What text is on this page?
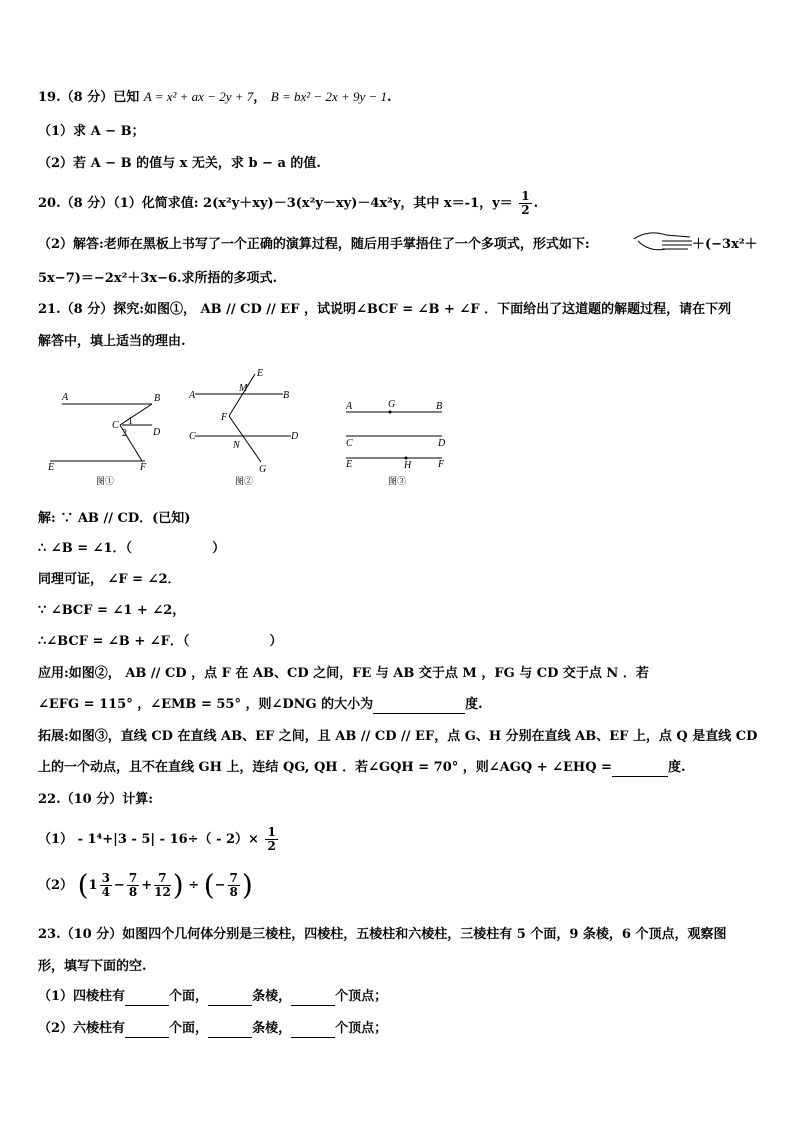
19.（8 分）已知 A = x² + ax − 2y + 7， B = bx² − 2x + 9y − 1.
（1）求 A − B；
（2）若 A − B 的值与 x 无关，求 b − a 的值.
20.（8 分）（1）化简求值: 2(x²y＋xy)－3(x²y－xy)－4x²y，其中 x＝-1，$y= \frac{1}{2}$ .
（2）解答:老师在黑板上书写了一个正确的演算过程，随后用手掌捂住了一个多项式，形式如下:	＋(−3x²＋
5x−7)＝−2x²＋3x−6.求所捂的多项式.
21.（8 分）探究:如图①， AB // CD // EF ，试说明∠BCF = ∠B + ∠F ．下面给出了这道题的解题过程，请在下列
解答中，填上适当的理由.
A	B
C
D
E	F
1
2
图①
E
M
A	B
F
C	D
N
G
图②
A	G	B
C	D
E	H	F
图③
解: ∵ AB // CD．(已知)
∴ ∠B = ∠1．（	）
同理可证， ∠F = ∠2．
∵ ∠BCF = ∠1 + ∠2，
∴∠BCF = ∠B + ∠F．（	）
应用:如图②， AB // CD ，点 F 在 AB、CD 之间，FE 与 AB 交于点 M ，FG 与 CD 交于点 N ．若
∠EFG = 115° ，∠EMB = 55° ，则∠DNG 的大小为	度.
拓展:如图③，直线 CD 在直线 AB、EF 之间，且 AB // CD // EF，点 G、H 分别在直线 AB、EF 上，点 Q 是直线 CD
上的一个动点，且不在直线 GH 上，连结 QG, QH ．若∠GQH = 70° ，则∠AGQ + ∠EHQ =	度.
22.（10 分）计算:
$(1) - 1^4+|3 - 5| - 16\div( - 2)\times \frac{1}{2}$
（2） ($1 \frac{3}{4} - \frac{7}{8} + \frac{7}{12}$ ) ÷ (− $\frac{7}{8}$ )
23.（10 分）如图四个几何体分别是三棱柱，四棱柱，五棱柱和六棱柱，三棱柱有 5 个面，9 条棱，6 个顶点，观察图
形，填写下面的空.
（1）四棱柱有	个面，	条棱，	个顶点；
（2）六棱柱有	个面，	条棱，	个顶点；
